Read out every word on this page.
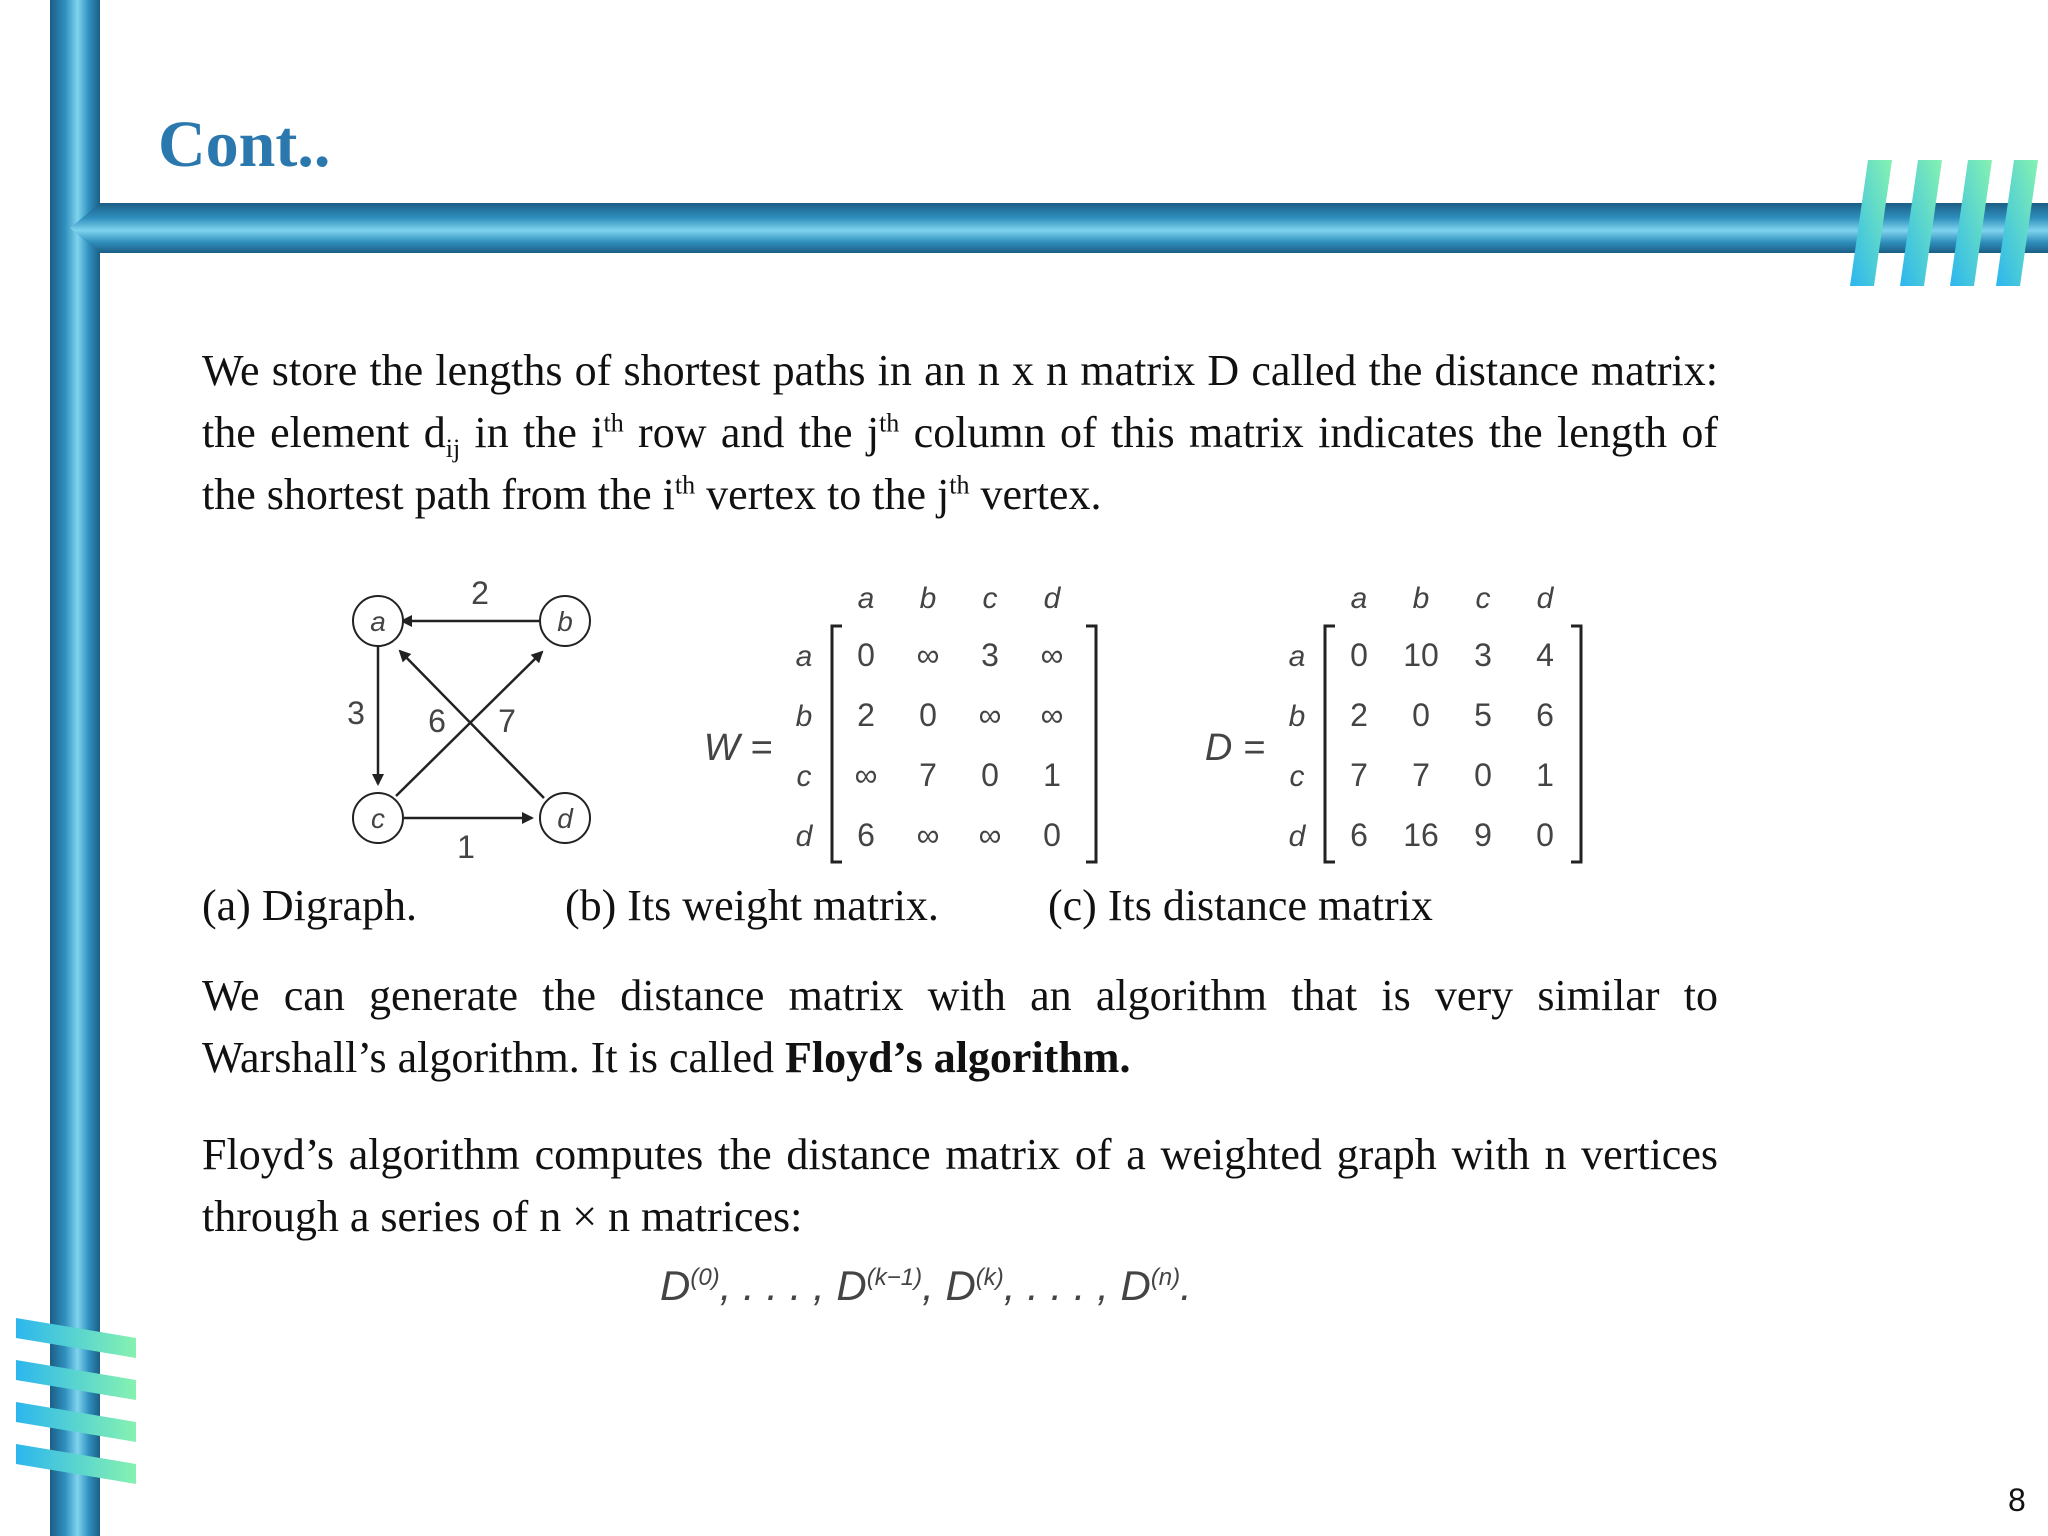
Cont..

We store the lengths of shortest paths in an n x n matrix D called the distance matrix: the element $d_{ij}$ in the $i^{th}$ row and the $j^{th}$ column of this matrix indicates the length of the shortest path from the $i^{th}$ vertex to the $j^{th}$ vertex.

a	b
c	d
2
3 6 7
1
W =
a b c d
a
b
c
d
0 ∞ 3 ∞
2 0 ∞ ∞
∞ 7 0 1
6 ∞ ∞ 0
D =
a b c d
a
b
c
d
0 10 3 4
2 0 5 6
7 7 0 1
6 16 9 0

(a) Digraph.	(b) Its weight matrix. (c) Its distance matrix

We can generate the distance matrix with an algorithm that is very similar to Warshall’s algorithm. It is called Floyd’s algorithm.

Floyd’s algorithm computes the distance matrix of a weighted graph with n vertices through a series of n × n matrices:

$D^{(0)}$, . . . , $D^{(k-1)}$, $D^{(k)}$, . . . , $D^{(n)}$.
8
